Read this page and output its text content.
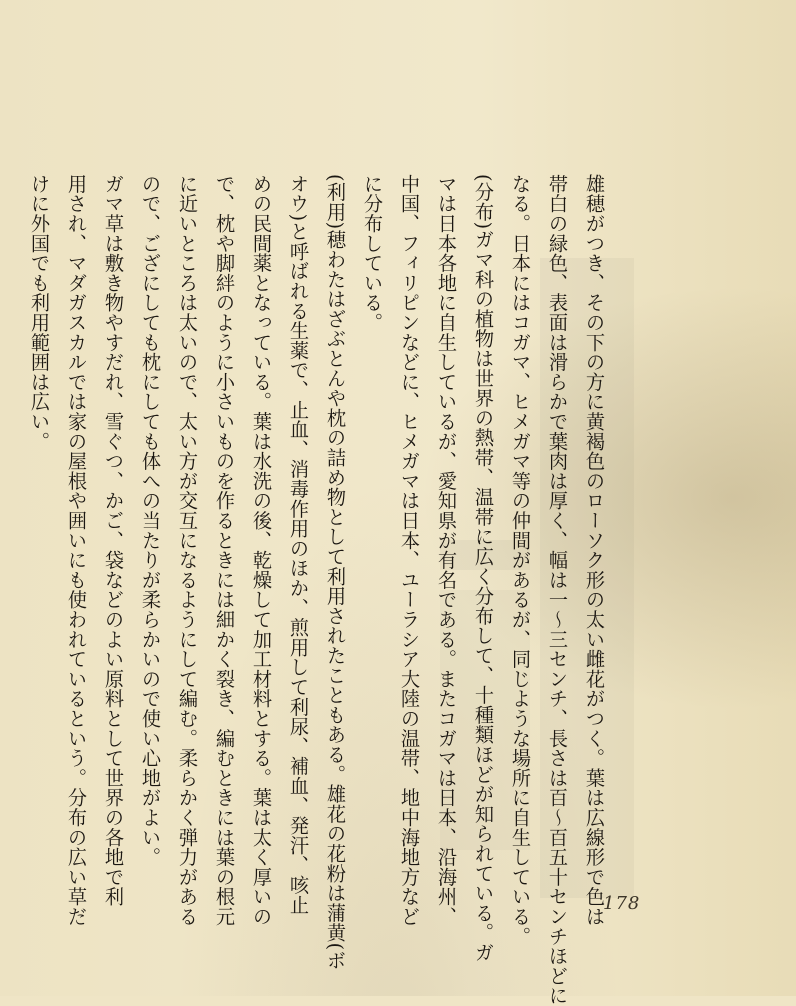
雄穂がつき、その下の方に黄褐色のローソク形の太い雌花がつく。葉は広線形で色は

帯白の緑色、表面は滑らかで葉肉は厚く、幅は一～三センチ、長さは百～百五十センチほどに

なる。日本にはコガマ、ヒメガマ等の仲間があるが、同じような場所に自生している。

(分布)ガマ科の植物は世界の熱帯、温帯に広く分布して、十種類ほどが知られている。ガ

マは日本各地に自生しているが、愛知県が有名である。またコガマは日本、沿海州、

中国、フィリピンなどに、ヒメガマは日本、ユーラシア大陸の温帯、地中海地方など

に分布している。

(利用)穂わたはざぶとんや枕の詰め物として利用されたこともある。雄花の花粉は蒲黄(ボ

オウ)と呼ばれる生薬で、止血、消毒作用のほか、煎用して利尿、補血、発汗、咳止

めの民間薬となっている。葉は水洗の後、乾燥して加工材料とする。葉は太く厚いの

で、枕や脚絆のように小さいものを作るときには細かく裂き、編むときには葉の根元

に近いところは太いので、太い方が交互になるようにして編む。柔らかく弾力がある

ので、ござにしても枕にしても体への当たりが柔らかいので使い心地がよい。

ガマ草は敷き物やすだれ、雪ぐつ、かご、袋などのよい原料として世界の各地で利

用され、マダガスカルでは家の屋根や囲いにも使われているという。分布の広い草だ

けに外国でも利用範囲は広い。

178
